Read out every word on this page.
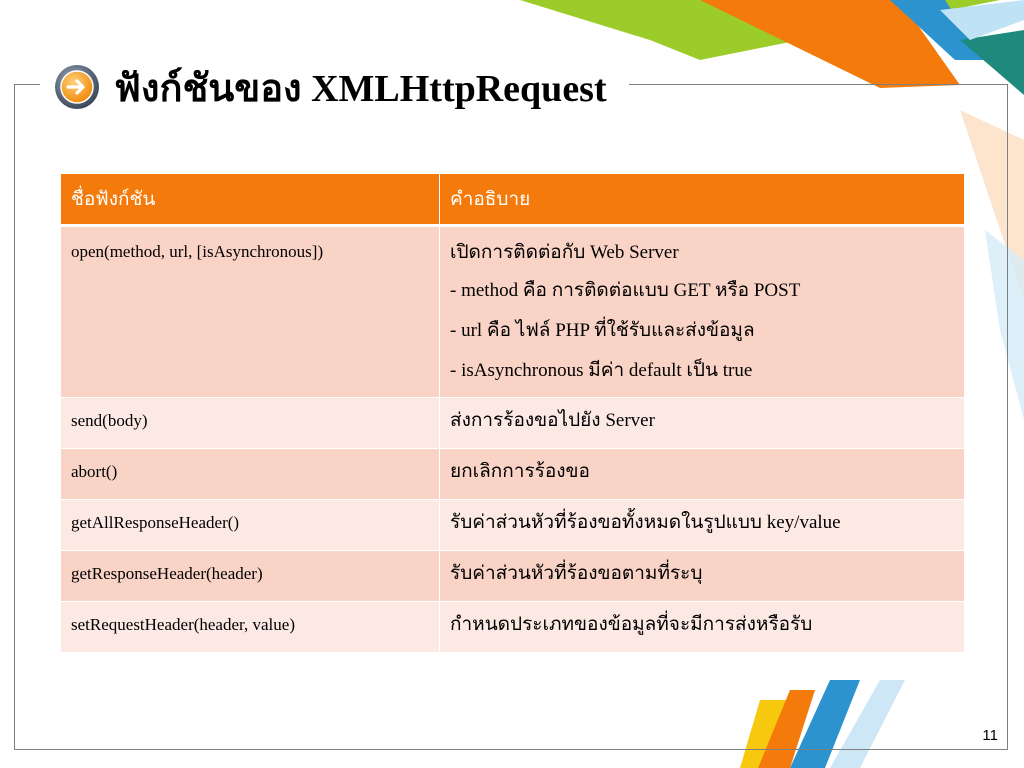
ฟังก์ชันของ XMLHttpRequest
ชื่อฟังก์ชัน	คำอธิบาย
open(method, url, [isAsynchronous])	เปิดการติดต่อกับ Web Server
- method คือ การติดต่อแบบ GET หรือ POST
- url คือ ไฟล์ PHP ที่ใช้รับและส่งข้อมูล
- isAsynchronous มีค่า default เป็น true

send(body)	ส่งการร้องขอไปยัง Server
abort()	ยกเลิกการร้องขอ
getAllResponseHeader()	รับค่าส่วนหัวที่ร้องขอทั้งหมดในรูปแบบ key/value
getResponseHeader(header)	รับค่าส่วนหัวที่ร้องขอตามที่ระบุ
setRequestHeader(header, value)	กำหนดประเภทของข้อมูลที่จะมีการส่งหรือรับ
11
